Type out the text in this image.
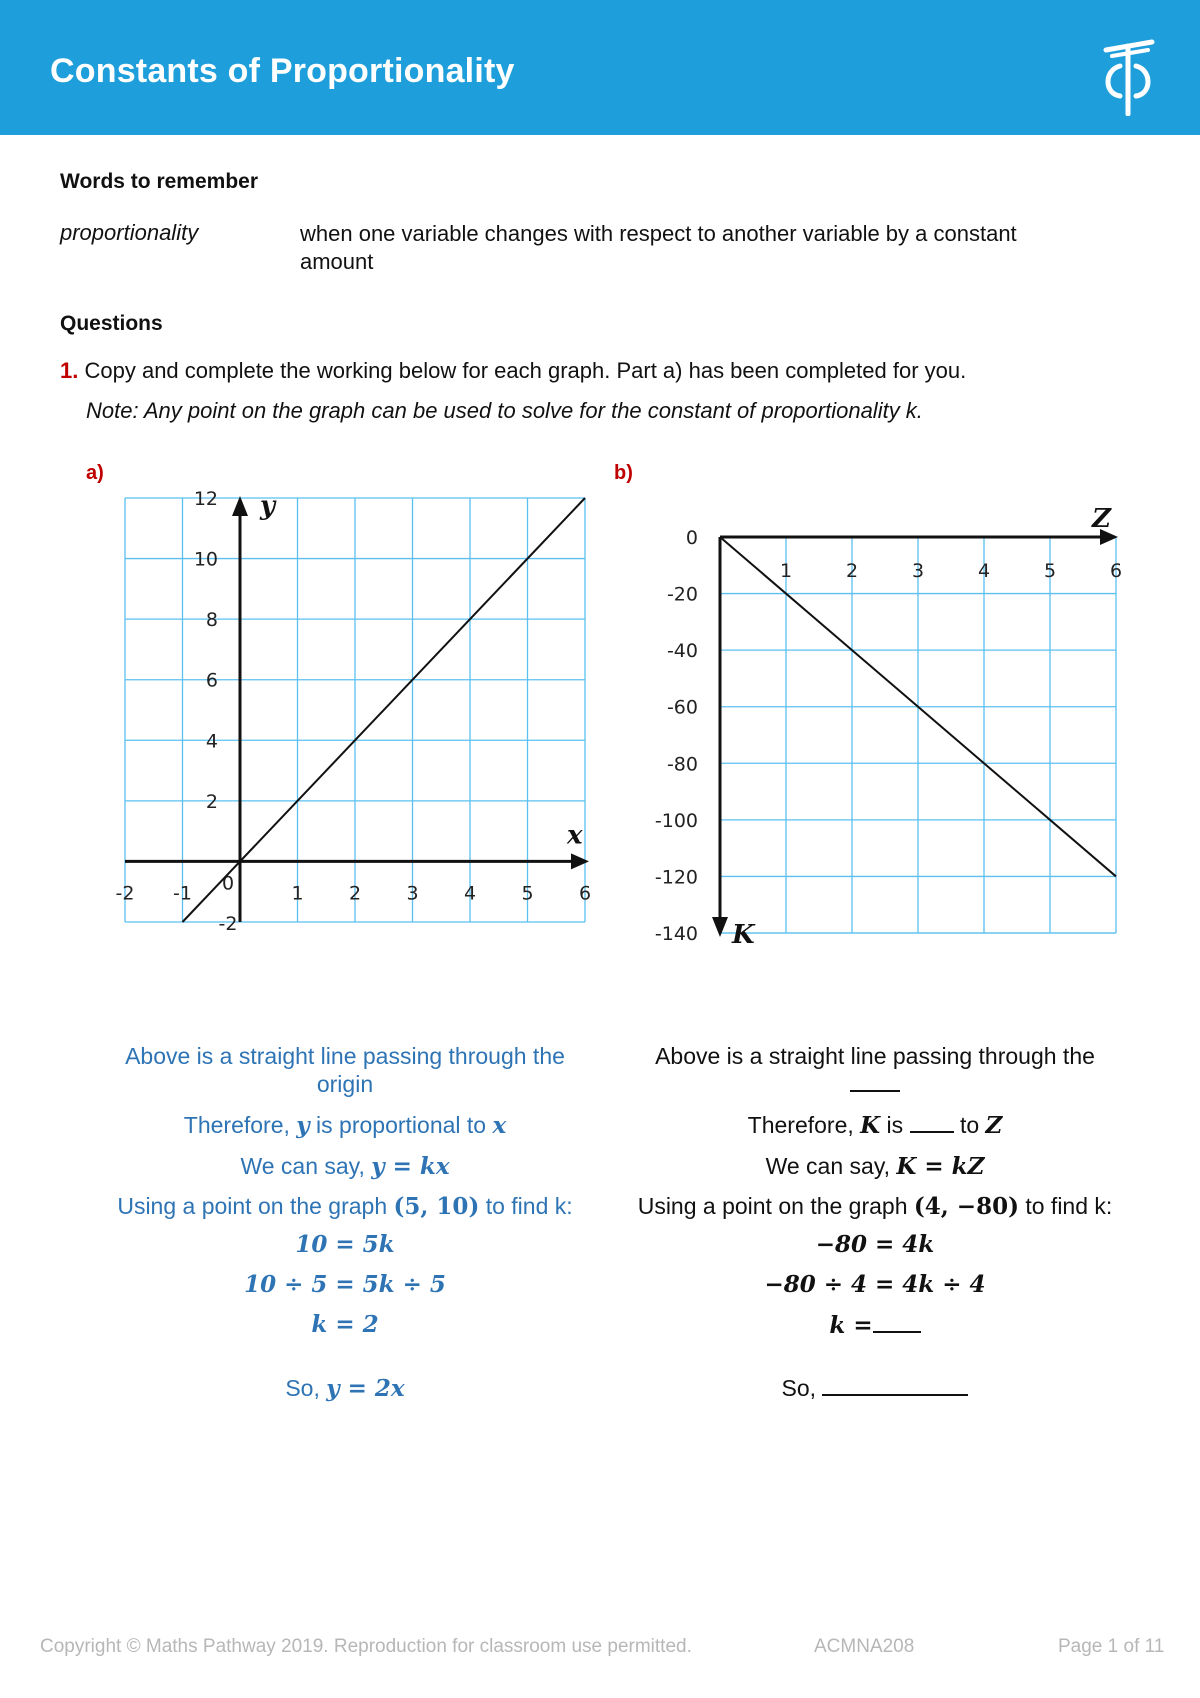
Constants of Proportionality
Words to remember
proportionality	when one variable changes with respect to another variable by a constant amount
Questions
1. Copy and complete the working below for each graph. Part a) has been completed for you.
Note: Any point on the graph can be used to solve for the constant of proportionality k.
a)	b)
-2 -1	1 2 3 4 5 6
2
4
6
8
10
12
-2
0
y
x
1	2	3	4	5	6
0
-20
-40
-60
-80
-100
-120
-140
Z
K
Above is a straight line passing through the
origin
Therefore, y is proportional to x
We can say, y = kx
Using a point on the graph (5, 10) to find k:
10 = 5k
10 ÷ 5 = 5k ÷ 5
k = 2
So, y = 2x
Above is a straight line passing through the
Therefore, K is  to Z
We can say, K = kZ
Using a point on the graph (4, −80) to find k:
−80 = 4k
−80 ÷ 4 = 4k ÷ 4
k =
So,
Copyright © Maths Pathway 2019. Reproduction for classroom use permitted.	ACMNA208	Page 1 of 11
